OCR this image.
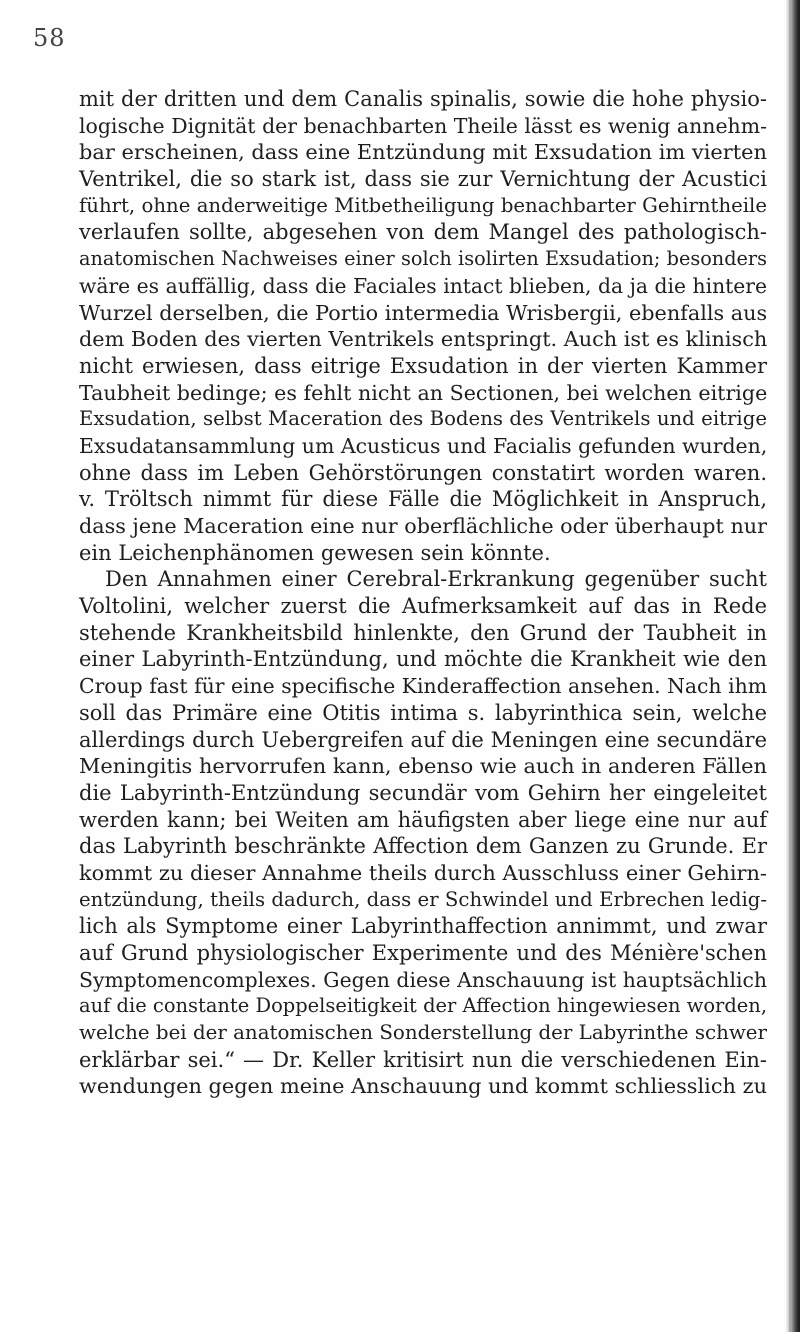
58
mit der dritten und dem Canalis spinalis, sowie die hohe physio-
logische Dignität der benachbarten Theile lässt es wenig annehm-
bar erscheinen, dass eine Entzündung mit Exsudation im vierten
Ventrikel, die so stark ist, dass sie zur Vernichtung der Acustici
führt, ohne anderweitige Mitbetheiligung benachbarter Gehirntheile
verlaufen sollte, abgesehen von dem Mangel des pathologisch-
anatomischen Nachweises einer solch isolirten Exsudation; besonders
wäre es auffällig, dass die Faciales intact blieben, da ja die hintere
Wurzel derselben, die Portio intermedia Wrisbergii, ebenfalls aus
dem Boden des vierten Ventrikels entspringt. Auch ist es klinisch
nicht erwiesen, dass eitrige Exsudation in der vierten Kammer
Taubheit bedinge; es fehlt nicht an Sectionen, bei welchen eitrige
Exsudation, selbst Maceration des Bodens des Ventrikels und eitrige
Exsudatansammlung um Acusticus und Facialis gefunden wurden,
ohne dass im Leben Gehörstörungen constatirt worden waren.
v. Tröltsch nimmt für diese Fälle die Möglichkeit in Anspruch,
dass jene Maceration eine nur oberflächliche oder überhaupt nur
ein Leichenphänomen gewesen sein könnte.
Den Annahmen einer Cerebral-Erkrankung gegenüber sucht
Voltolini, welcher zuerst die Aufmerksamkeit auf das in Rede
stehende Krankheitsbild hinlenkte, den Grund der Taubheit in
einer Labyrinth-Entzündung, und möchte die Krankheit wie den
Croup fast für eine specifische Kinderaffection ansehen. Nach ihm
soll das Primäre eine Otitis intima s. labyrinthica sein, welche
allerdings durch Uebergreifen auf die Meningen eine secundäre
Meningitis hervorrufen kann, ebenso wie auch in anderen Fällen
die Labyrinth-Entzündung secundär vom Gehirn her eingeleitet
werden kann; bei Weiten am häufigsten aber liege eine nur auf
das Labyrinth beschränkte Affection dem Ganzen zu Grunde. Er
kommt zu dieser Annahme theils durch Ausschluss einer Gehirn-
entzündung, theils dadurch, dass er Schwindel und Erbrechen ledig-
lich als Symptome einer Labyrinthaffection annimmt, und zwar
auf Grund physiologischer Experimente und des Ménière'schen
Symptomencomplexes. Gegen diese Anschauung ist hauptsächlich
auf die constante Doppelseitigkeit der Affection hingewiesen worden,
welche bei der anatomischen Sonderstellung der Labyrinthe schwer
erklärbar sei.“ — Dr. Keller kritisirt nun die verschiedenen Ein-
wendungen gegen meine Anschauung und kommt schliesslich zu
